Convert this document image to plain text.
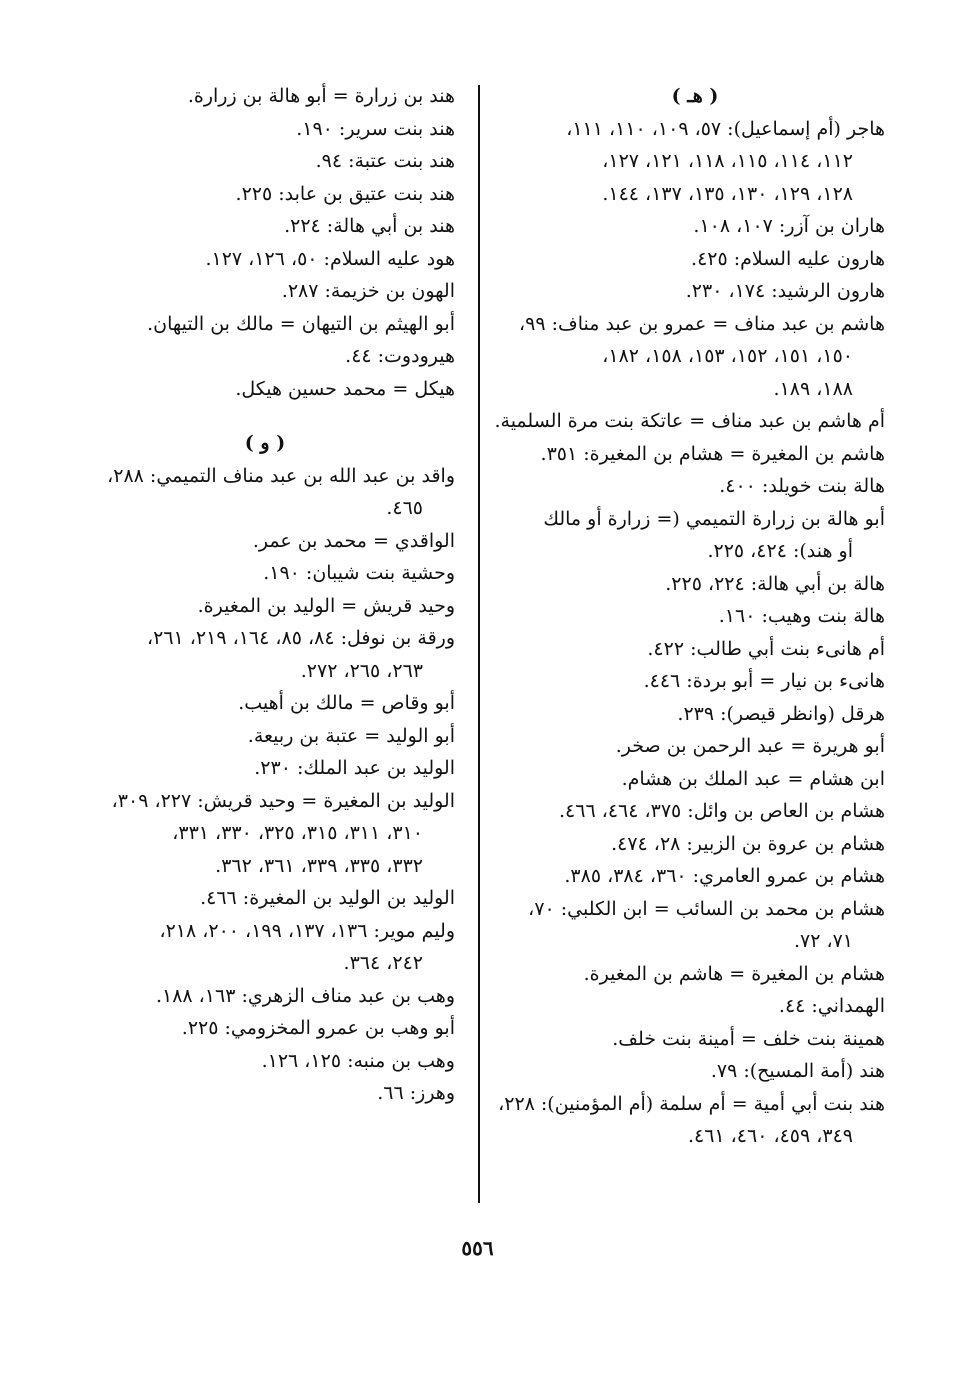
( هـ )
هاجر (أم إسماعيل): ٥٧، ١٠٩، ١١٠، ١١١،
١١٢، ١١٤، ١١٥، ١١٨، ١٢١، ١٢٧،
١٢٨، ١٢٩، ١٣٠، ١٣٥، ١٣٧، ١٤٤.
هاران بن آزر: ١٠٧، ١٠٨.
هارون عليه السلام: ٤٢٥.
هارون الرشيد: ١٧٤، ٢٣٠.
هاشم بن عبد مناف = عمرو بن عبد مناف: ٩٩،
١٥٠، ١٥١، ١٥٢، ١٥٣، ١٥٨، ١٨٢،
١٨٨، ١٨٩.
أم هاشم بن عبد مناف = عاتكة بنت مرة السلمية.
هاشم بن المغيرة = هشام بن المغيرة: ٣٥١.
هالة بنت خويلد: ٤٠٠.
أبو هالة بن زرارة التميمي (= زرارة أو مالك
أو هند): ٤٢٤، ٢٢٥.
هالة بن أبي هالة: ٢٢٤، ٢٢٥.
هالة بنت وهيب: ١٦٠.
أم هانىء بنت أبي طالب: ٤٢٢.
هانىء بن نيار = أبو بردة: ٤٤٦.
هرقل (وانظر قيصر): ٢٣٩.
أبو هريرة = عبد الرحمن بن صخر.
ابن هشام = عبد الملك بن هشام.
هشام بن العاص بن وائل: ٣٧٥، ٤٦٤، ٤٦٦.
هشام بن عروة بن الزبير: ٢٨، ٤٧٤.
هشام بن عمرو العامري: ٣٦٠، ٣٨٤، ٣٨٥.
هشام بن محمد بن السائب = ابن الكلبي: ٧٠،
٧١، ٧٢.
هشام بن المغيرة = هاشم بن المغيرة.
الهمداني: ٤٤.
همينة بنت خلف = أمينة بنت خلف.
هند (أمة المسيح): ٧٩.
هند بنت أبي أمية = أم سلمة (أم المؤمنين): ٢٢٨،
٣٤٩، ٤٥٩، ٤٦٠، ٤٦١.
هند بن زرارة = أبو هالة بن زرارة.
هند بنت سرير: ١٩٠.
هند بنت عتبة: ٩٤.
هند بنت عتيق بن عابد: ٢٢٥.
هند بن أبي هالة: ٢٢٤.
هود عليه السلام: ٥٠، ١٢٦، ١٢٧.
الهون بن خزيمة: ٢٨٧.
أبو الهيثم بن التيهان = مالك بن التيهان.
هيرودوت: ٤٤.
هيكل = محمد حسين هيكل.
( و )
واقد بن عبد الله بن عبد مناف التميمي: ٢٨٨،
٤٦٥.
الواقدي = محمد بن عمر.
وحشية بنت شيبان: ١٩٠.
وحيد قريش = الوليد بن المغيرة.
ورقة بن نوفل: ٨٤، ٨٥، ١٦٤، ٢١٩، ٢٦١،
٢٦٣، ٢٦٥، ٢٧٢.
أبو وقاص = مالك بن أهيب.
أبو الوليد = عتبة بن ربيعة.
الوليد بن عبد الملك: ٢٣٠.
الوليد بن المغيرة = وحيد قريش: ٢٢٧، ٣٠٩،
٣١٠، ٣١١، ٣١٥، ٣٢٥، ٣٣٠، ٣٣١،
٣٣٢، ٣٣٥، ٣٣٩، ٣٦١، ٣٦٢.
الوليد بن الوليد بن المغيرة: ٤٦٦.
وليم موير: ١٣٦، ١٣٧، ١٩٩، ٢٠٠، ٢١٨،
٢٤٢، ٣٦٤.
وهب بن عبد مناف الزهري: ١٦٣، ١٨٨.
أبو وهب بن عمرو المخزومي: ٢٢٥.
وهب بن منبه: ١٢٥، ١٢٦.
وهرز: ٦٦.
٥٥٦
